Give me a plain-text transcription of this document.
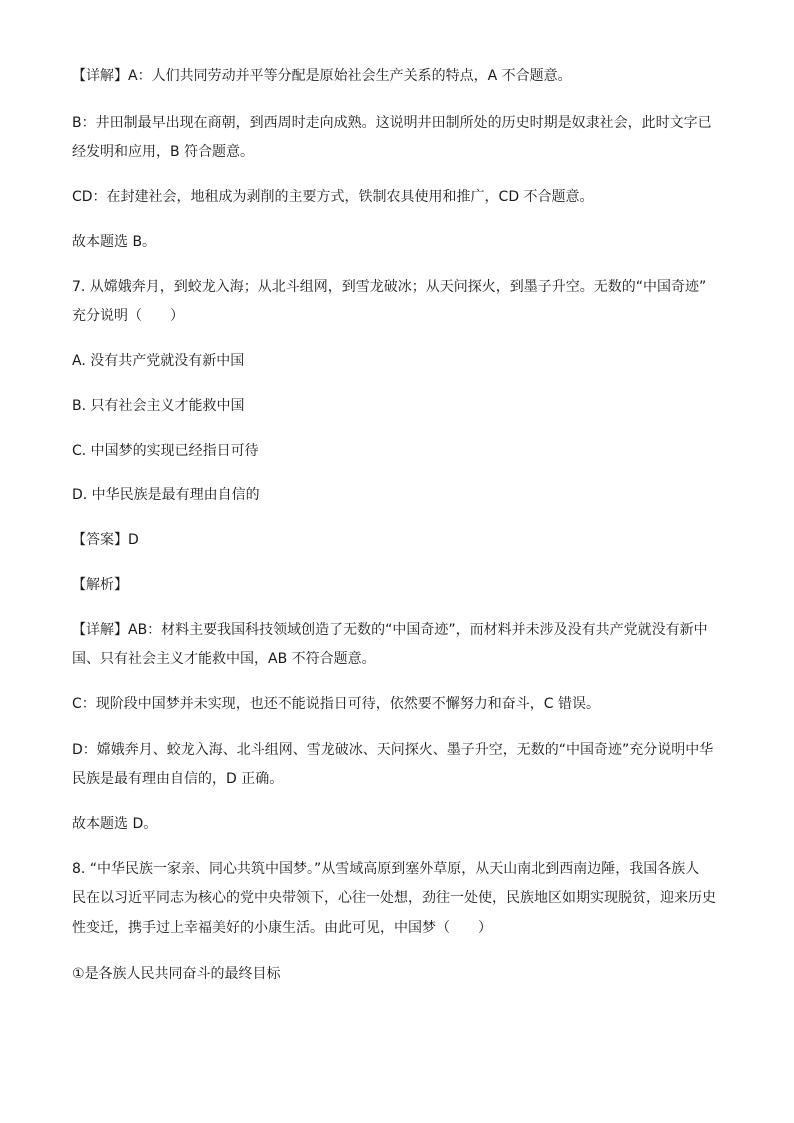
【详解】A：人们共同劳动并平等分配是原始社会生产关系的特点，A 不合题意。
B：井田制最早出现在商朝，到西周时走向成熟。这说明井田制所处的历史时期是奴隶社会，此时文字已
经发明和应用，B 符合题意。
CD：在封建社会，地租成为剥削的主要方式，铁制农具使用和推广，CD 不合题意。
故本题选 B。
7. 从嫦娥奔月，到蛟龙入海；从北斗组网，到雪龙破冰；从天问探火，到墨子升空。无数的“中国奇迹”
充分说明（　　）
A. 没有共产党就没有新中国
B. 只有社会主义才能救中国
C. 中国梦的实现已经指日可待
D. 中华民族是最有理由自信的
【答案】D
【解析】
【详解】AB：材料主要我国科技领域创造了无数的“中国奇迹”，而材料并未涉及没有共产党就没有新中
国、只有社会主义才能救中国，AB 不符合题意。
C：现阶段中国梦并未实现，也还不能说指日可待，依然要不懈努力和奋斗，C 错误。
D：嫦娥奔月、蛟龙入海、北斗组网、雪龙破冰、天问探火、墨子升空，无数的“中国奇迹”充分说明中华
民族是最有理由自信的，D 正确。
故本题选 D。
8. “中华民族一家亲、同心共筑中国梦。”从雪域高原到塞外草原，从天山南北到西南边陲，我国各族人
民在以习近平同志为核心的党中央带领下，心往一处想，劲往一处使，民族地区如期实现脱贫，迎来历史
性变迁，携手过上幸福美好的小康生活。由此可见，中国梦（　　）
①是各族人民共同奋斗的最终目标
